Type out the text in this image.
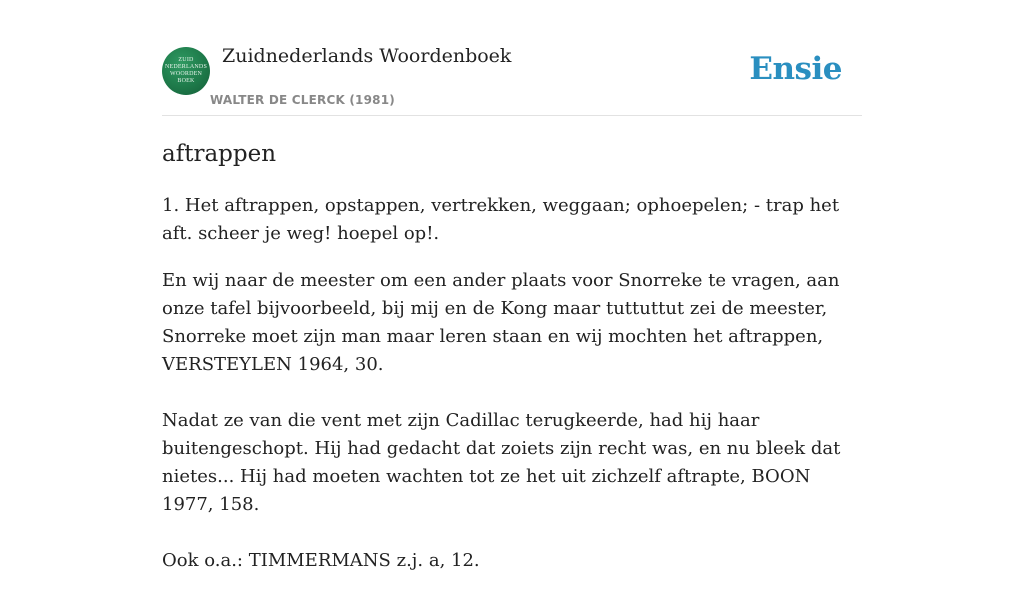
ZUID
NEDERLANDS
WOORDEN
BOEK
Zuidnederlands Woordenboek
WALTER DE CLERCK (1981)
Ensie
aftrappen

1. Het aftrappen, opstappen, vertrekken, weggaan; ophoepelen; - trap het aft. scheer je weg! hoepel op!.

En wij naar de meester om een ander plaats voor Snorreke te vragen, aan onze tafel bijvoorbeeld, bij mij en de Kong maar tuttuttut zei de meester, Snorreke moet zijn man maar leren staan en wij mochten het aftrappen, VERSTEYLEN 1964, 30.

Nadat ze van die vent met zijn Cadillac terugkeerde, had hij haar buitengeschopt. Hij had gedacht dat zoiets zijn recht was, en nu bleek dat nietes... Hij had moeten wachten tot ze het uit zichzelf aftrapte, BOON 1977, 158.

Ook o.a.: TIMMERMANS z.j. a, 12.
